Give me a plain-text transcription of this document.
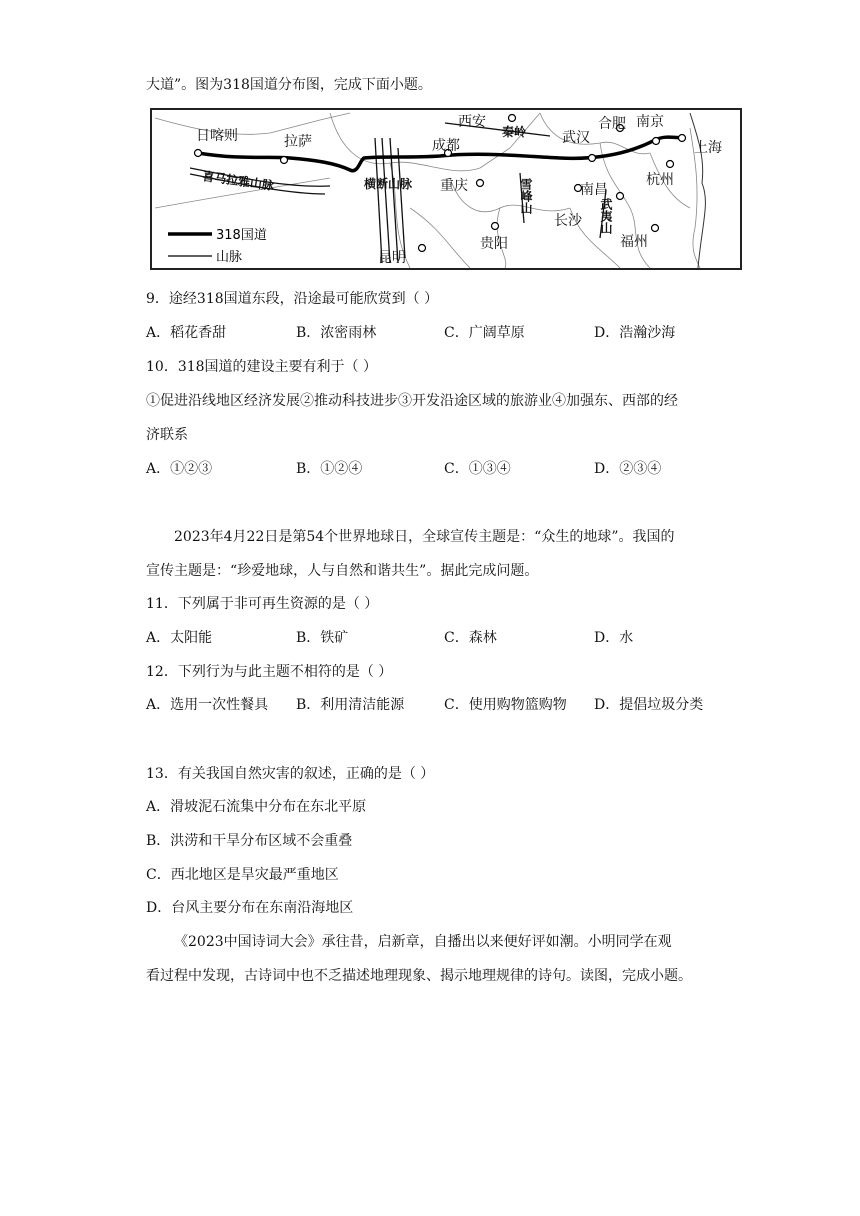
大道”。图为318国道分布图，完成下面小题。
日喀则	拉萨	成都
西安
武汉
合肥 南京
上海
杭州
重庆
贵阳
长沙
南昌
福州
昆明
喜马拉雅山脉	横断山脉
秦岭
雪峰山
武夷山
318国道
山脉
9．途经318国道东段，沿途最可能欣赏到（ ）
A．稻花香甜	B．浓密雨林	C．广阔草原	D．浩瀚沙海
10．318国道的建设主要有利于（ ）
①促进沿线地区经济发展②推动科技进步③开发沿途区域的旅游业④加强东、西部的经
济联系
A．①②③	B．①②④	C．①③④	D．②③④
2023年4月22日是第54个世界地球日，全球宣传主题是：“众生的地球”。我国的
宣传主题是：“珍爱地球，人与自然和谐共生”。据此完成问题。
11．下列属于非可再生资源的是（ ）
A．太阳能	B．铁矿	C．森林	D．水
12．下列行为与此主题不相符的是（ ）
A．选用一次性餐具 B．利用清洁能源	C．使用购物篮购物 D．提倡垃圾分类
13．有关我国自然灾害的叙述，正确的是（ ）
A．滑坡泥石流集中分布在东北平原
B．洪涝和干旱分布区域不会重叠
C．西北地区是旱灾最严重地区
D．台风主要分布在东南沿海地区
《2023中国诗词大会》承往昔，启新章，自播出以来便好评如潮。小明同学在观
看过程中发现，古诗词中也不乏描述地理现象、揭示地理规律的诗句。读图，完成小题。
